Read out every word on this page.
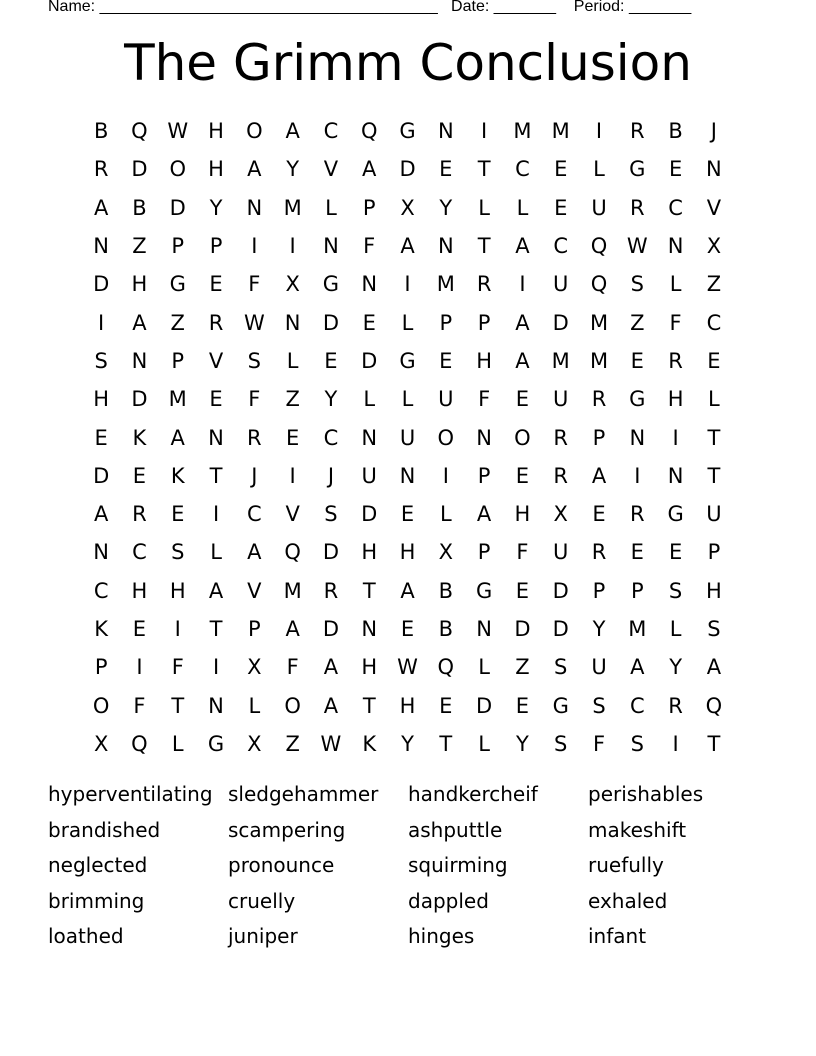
Name: ______________________________________   Date: _______    Period: _______
The Grimm Conclusion
B	Q W H	O	A	C	Q	G	N	I	M M	I	R	B	J
R	D	O	H	A	Y	V	A	D	E	T	C	E	L	G	E	N
A	B	D	Y	N	M	L	P	X	Y	L	L	E	U	R	C	V
N	Z	P	P	I	I	N	F	A	N	T	A	C	Q W N	X
D	H	G	E	F	X	G	N	I	M	R	I	U	Q	S	L	Z
I	A	Z	R W N	D	E	L	P	P	A	D	M	Z	F	C
S	N	P	V	S	L	E	D	G	E	H	A	M M	E	R	E
H	D	M	E	F	Z	Y	L	L	U	F	E	U	R	G	H	L
E	K	A	N	R	E	C	N	U	O	N	O	R	P	N	I	T
D	E	K	T	J	I	J	U	N	I	P	E	R	A	I	N	T
A	R	E	I	C	V	S	D	E	L	A	H	X	E	R	G	U
N	C	S	L	A	Q	D	H	H	X	P	F	U	R	E	E	P
C	H	H	A	V	M	R	T	A	B	G	E	D	P	P	S	H
K	E	I	T	P	A	D	N	E	B	N	D	D	Y	M	L	S
P	I	F	I	X	F	A	H W Q	L	Z	S	U	A	Y	A
O	F	T	N	L	O	A	T	H	E	D	E	G	S	C	R	Q
X	Q	L	G	X	Z W	K	Y	T	L	Y	S	F	S	I	T
hyperventilating sledgehammer	handkercheif	perishables
brandished	scampering	ashputtle	makeshift
neglected	pronounce	squirming	ruefully
brimming	cruelly	dappled	exhaled
loathed	juniper	hinges	infant
